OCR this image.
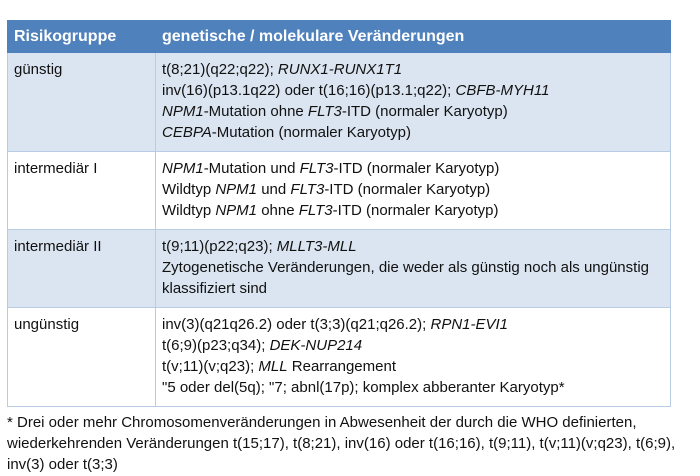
Risikogruppe	genetische / molekulare Veränderungen
günstig	t(8;21)(q22;q22); RUNX1-RUNX1T1
inv(16)(p13.1q22) oder t(16;16)(p13.1;q22); CBFB-MYH11
NPM1-Mutation ohne FLT3-ITD (normaler Karyotyp)
CEBPA-Mutation (normaler Karyotyp)

intermediär I	NPM1-Mutation und FLT3-ITD (normaler Karyotyp)
Wildtyp NPM1 und FLT3-ITD (normaler Karyotyp)
Wildtyp NPM1 ohne FLT3-ITD (normaler Karyotyp)

intermediär II	t(9;11)(p22;q23); MLLT3-MLL
Zytogenetische Veränderungen, die weder als günstig noch als ungünstig klassifiziert sind

ungünstig	inv(3)(q21q26.2) oder t(3;3)(q21;q26.2); RPN1-EVI1
t(6;9)(p23;q34); DEK-NUP214
t(v;11)(v;q23); MLL Rearrangement
"5 oder del(5q); "7; abnl(17p); komplex abberanter Karyotyp*
* Drei oder mehr Chromosomenveränderungen in Abwesenheit der durch die WHO definierten, wiederkehrenden Veränderungen t(15;17), t(8;21), inv(16) oder t(16;16), t(9;11), t(v;11)(v;q23), t(6;9), inv(3) oder t(3;3)
